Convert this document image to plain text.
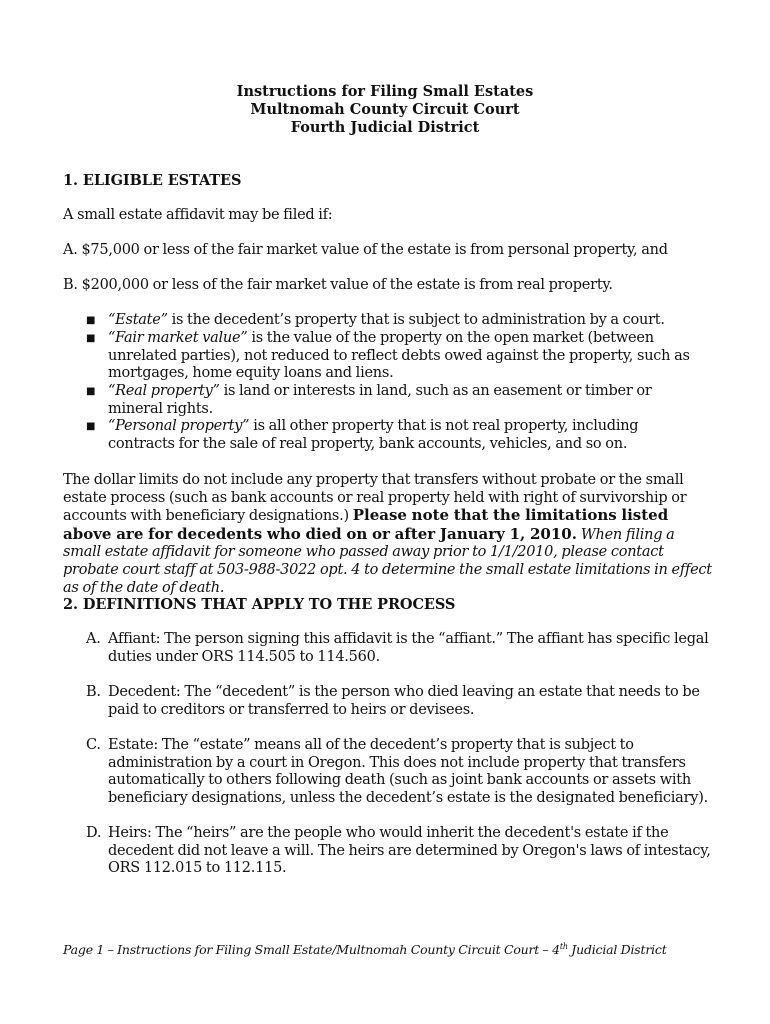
Instructions for Filing Small Estates
Multnomah County Circuit Court
Fourth Judicial District
1. ELIGIBLE ESTATES

A small estate affidavit may be filed if:

A. $75,000 or less of the fair market value of the estate is from personal property, and

B. $200,000 or less of the fair market value of the estate is from real property.

■ “Estate” is the decedent’s property that is subject to administration by a court.
■ “Fair market value” is the value of the property on the open market (between unrelated parties), not reduced to reflect debts owed against the property, such as mortgages, home equity loans and liens.
■ “Real property” is land or interests in land, such as an easement or timber or mineral rights.
■ “Personal property” is all other property that is not real property, including contracts for the sale of real property, bank accounts, vehicles, and so on.

The dollar limits do not include any property that transfers without probate or the small estate process (such as bank accounts or real property held with right of survivorship or accounts with beneficiary designations.) Please note that the limitations listed above are for decedents who died on or after January 1, 2010. When filing a small estate affidavit for someone who passed away prior to 1/1/2010, please contact probate court staff at 503-988-3022 opt. 4 to determine the small estate limitations in effect as of the date of death.

2. DEFINITIONS THAT APPLY TO THE PROCESS
A. Affiant: The person signing this affidavit is the “affiant.” The affiant has specific legal duties under ORS 114.505 to 114.560.
B. Decedent: The “decedent” is the person who died leaving an estate that needs to be paid to creditors or transferred to heirs or devisees.
C. Estate: The “estate” means all of the decedent’s property that is subject to administration by a court in Oregon. This does not include property that transfers automatically to others following death (such as joint bank accounts or assets with beneficiary designations, unless the decedent’s estate is the designated beneficiary).
D. Heirs: The “heirs” are the people who would inherit the decedent's estate if the decedent did not leave a will. The heirs are determined by Oregon's laws of intestacy, ORS 112.015 to 112.115.
Page 1 – Instructions for Filing Small Estate/Multnomah County Circuit Court – 4th Judicial District
